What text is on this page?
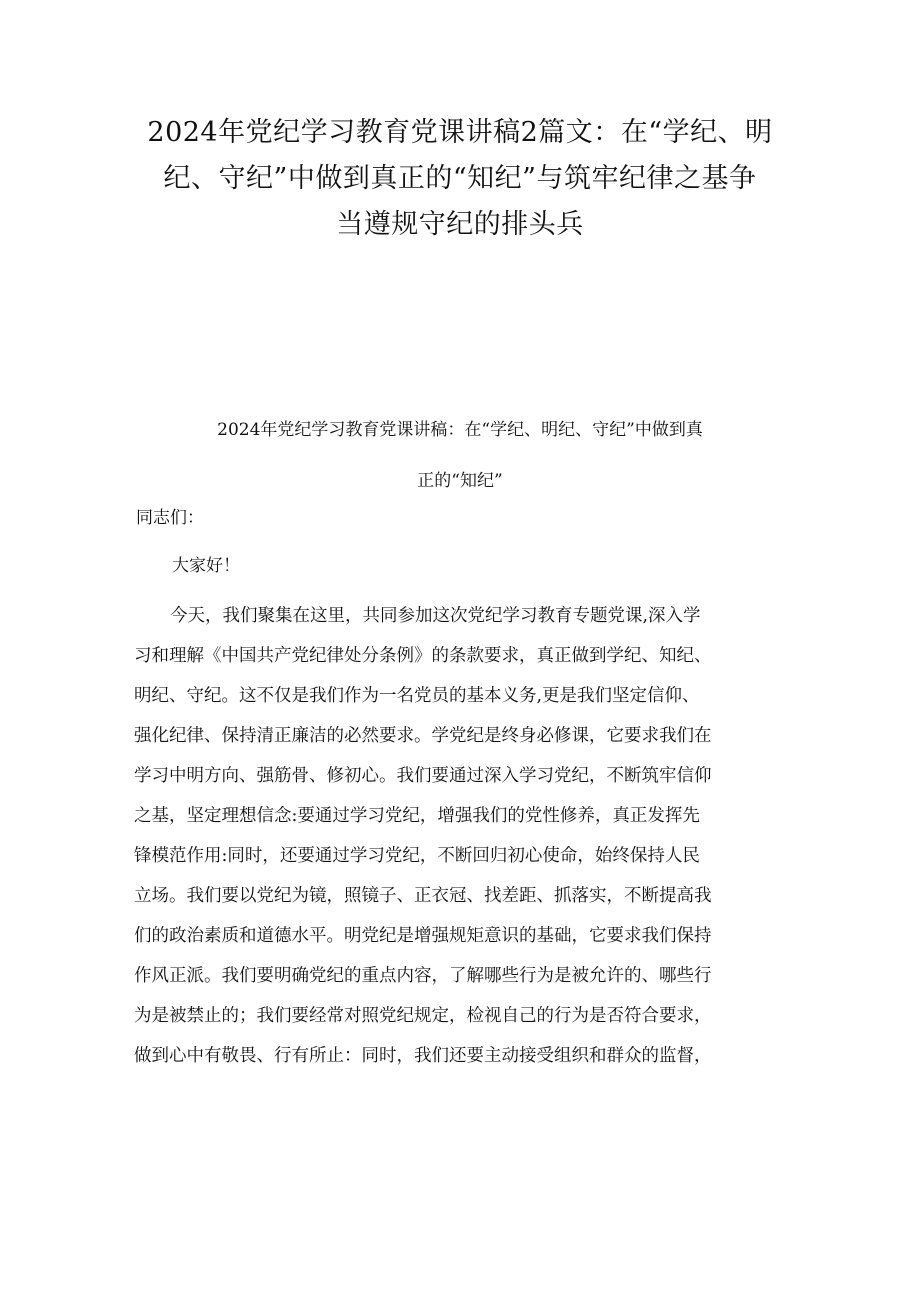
2024年党纪学习教育党课讲稿2篇文：在“学纪、明
纪、守纪”中做到真正的“知纪”与筑牢纪律之基争
当遵规守纪的排头兵
2024年党纪学习教育党课讲稿：在“学纪、明纪、守纪”中做到真
正的“知纪”

同志们：

大家好！

今天，我们聚集在这里，共同参加这次党纪学习教育专题党课,深入学
习和理解《中国共产党纪律处分条例》的条款要求，真正做到学纪、知纪、
明纪、守纪。这不仅是我们作为一名党员的基本义务,更是我们坚定信仰、
强化纪律、保持清正廉洁的必然要求。学党纪是终身必修课，它要求我们在
学习中明方向、强筋骨、修初心。我们要通过深入学习党纪，不断筑牢信仰
之基，坚定理想信念:要通过学习党纪，增强我们的党性修养，真正发挥先
锋模范作用:同时，还要通过学习党纪，不断回归初心使命，始终保持人民
立场。我们要以党纪为镜，照镜子、正衣冠、找差距、抓落实，不断提高我
们的政治素质和道德水平。明党纪是增强规矩意识的基础，它要求我们保持
作风正派。我们要明确党纪的重点内容，了解哪些行为是被允许的、哪些行
为是被禁止的；我们要经常对照党纪规定，检视自己的行为是否符合要求，
做到心中有敬畏、行有所止：同时，我们还要主动接受组织和群众的监督，
